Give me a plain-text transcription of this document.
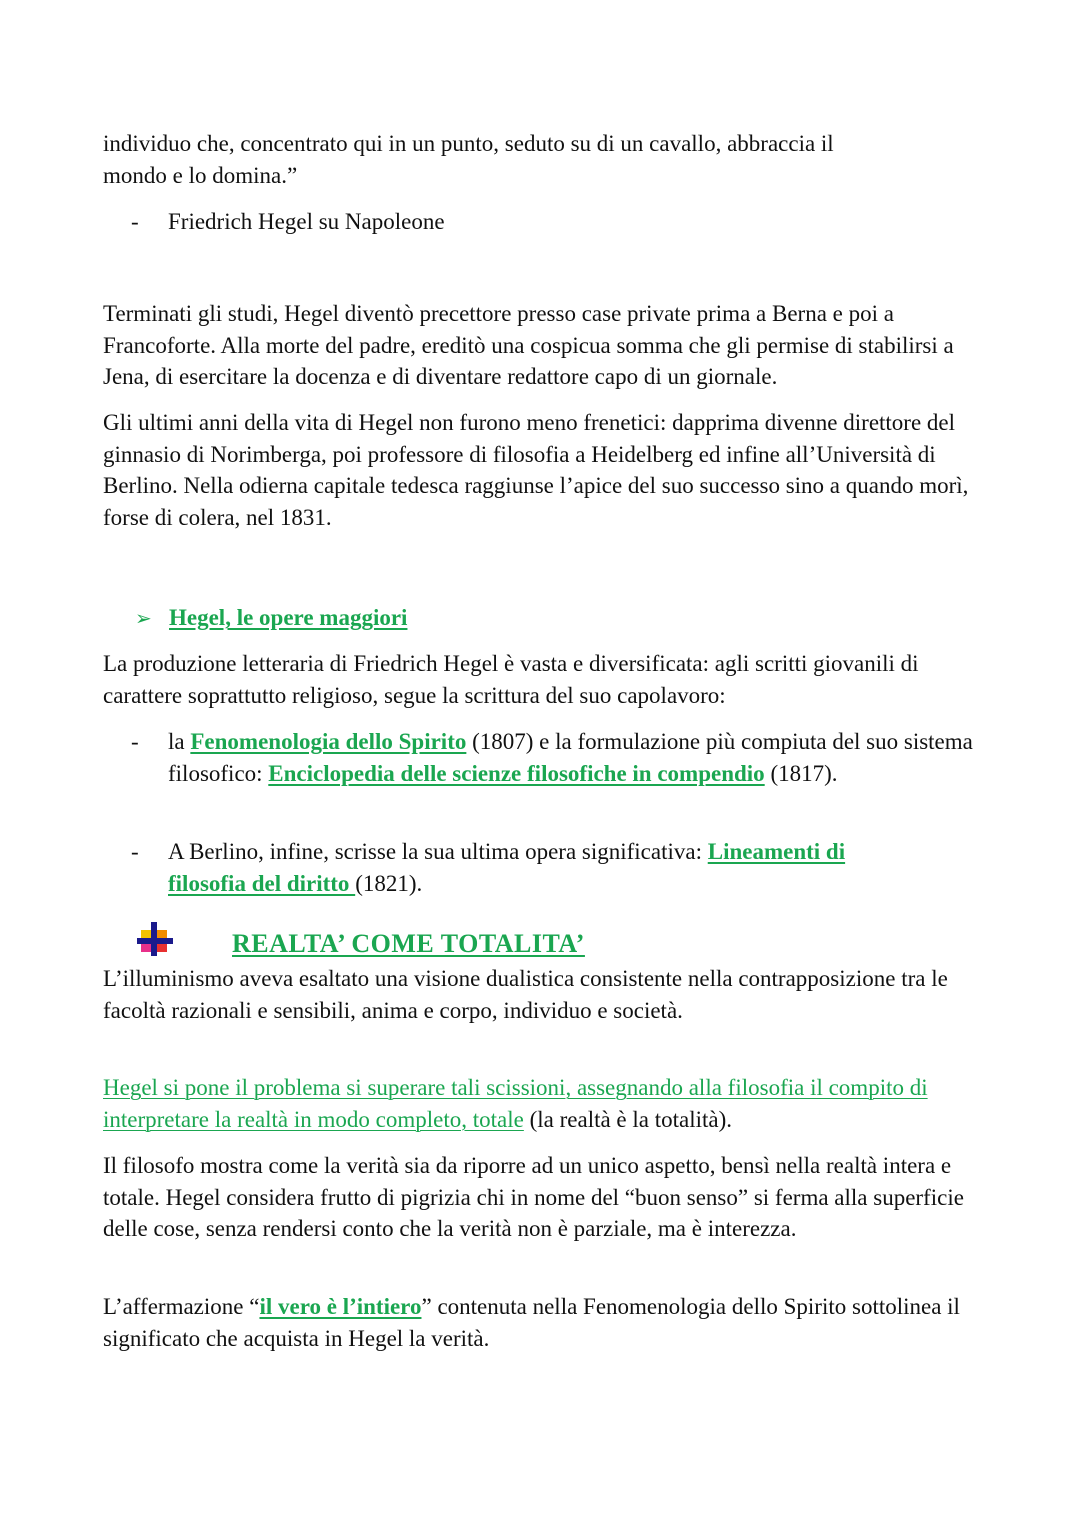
individuo che, concentrato qui in un punto, seduto su di un cavallo, abbraccia il
mondo e lo domina.”

-	Friedrich Hegel su Napoleone

Terminati gli studi, Hegel diventò precettore presso case private prima a Berna e poi a Francoforte. Alla morte del padre, ereditò una cospicua somma che gli permise di stabilirsi a Jena, di esercitare la docenza e di diventare redattore capo di un giornale.

Gli ultimi anni della vita di Hegel non furono meno frenetici: dapprima divenne direttore del ginnasio di Norimberga, poi professore di filosofia a Heidelberg ed infine all’Università di Berlino. Nella odierna capitale tedesca raggiunse l’apice del suo successo sino a quando morì, forse di colera, nel 1831.

➢ Hegel, le opere maggiori

La produzione letteraria di Friedrich Hegel è vasta e diversificata: agli scritti giovanili di carattere soprattutto religioso, segue la scrittura del suo capolavoro:

-	la Fenomenologia dello Spirito (1807) e la formulazione più compiuta del suo sistema filosofico: Enciclopedia delle scienze filosofiche in compendio (1817).
-	A Berlino, infine, scrisse la sua ultima opera significativa: Lineamenti di filosofia del diritto (1821).
REALTA’ COME TOTALITA’

L’illuminismo aveva esaltato una visione dualistica consistente nella contrapposizione tra le facoltà razionali e sensibili, anima e corpo, individuo e società.

Hegel si pone il problema si superare tali scissioni, assegnando alla filosofia il compito di interpretare la realtà in modo completo, totale (la realtà è la totalità).

Il filosofo mostra come la verità sia da riporre ad un unico aspetto, bensì nella realtà intera e totale. Hegel considera frutto di pigrizia chi in nome del “buon senso” si ferma alla superficie delle cose, senza rendersi conto che la verità non è parziale, ma è interezza.

L’affermazione “il vero è l’intiero” contenuta nella Fenomenologia dello Spirito sottolinea il significato che acquista in Hegel la verità.
